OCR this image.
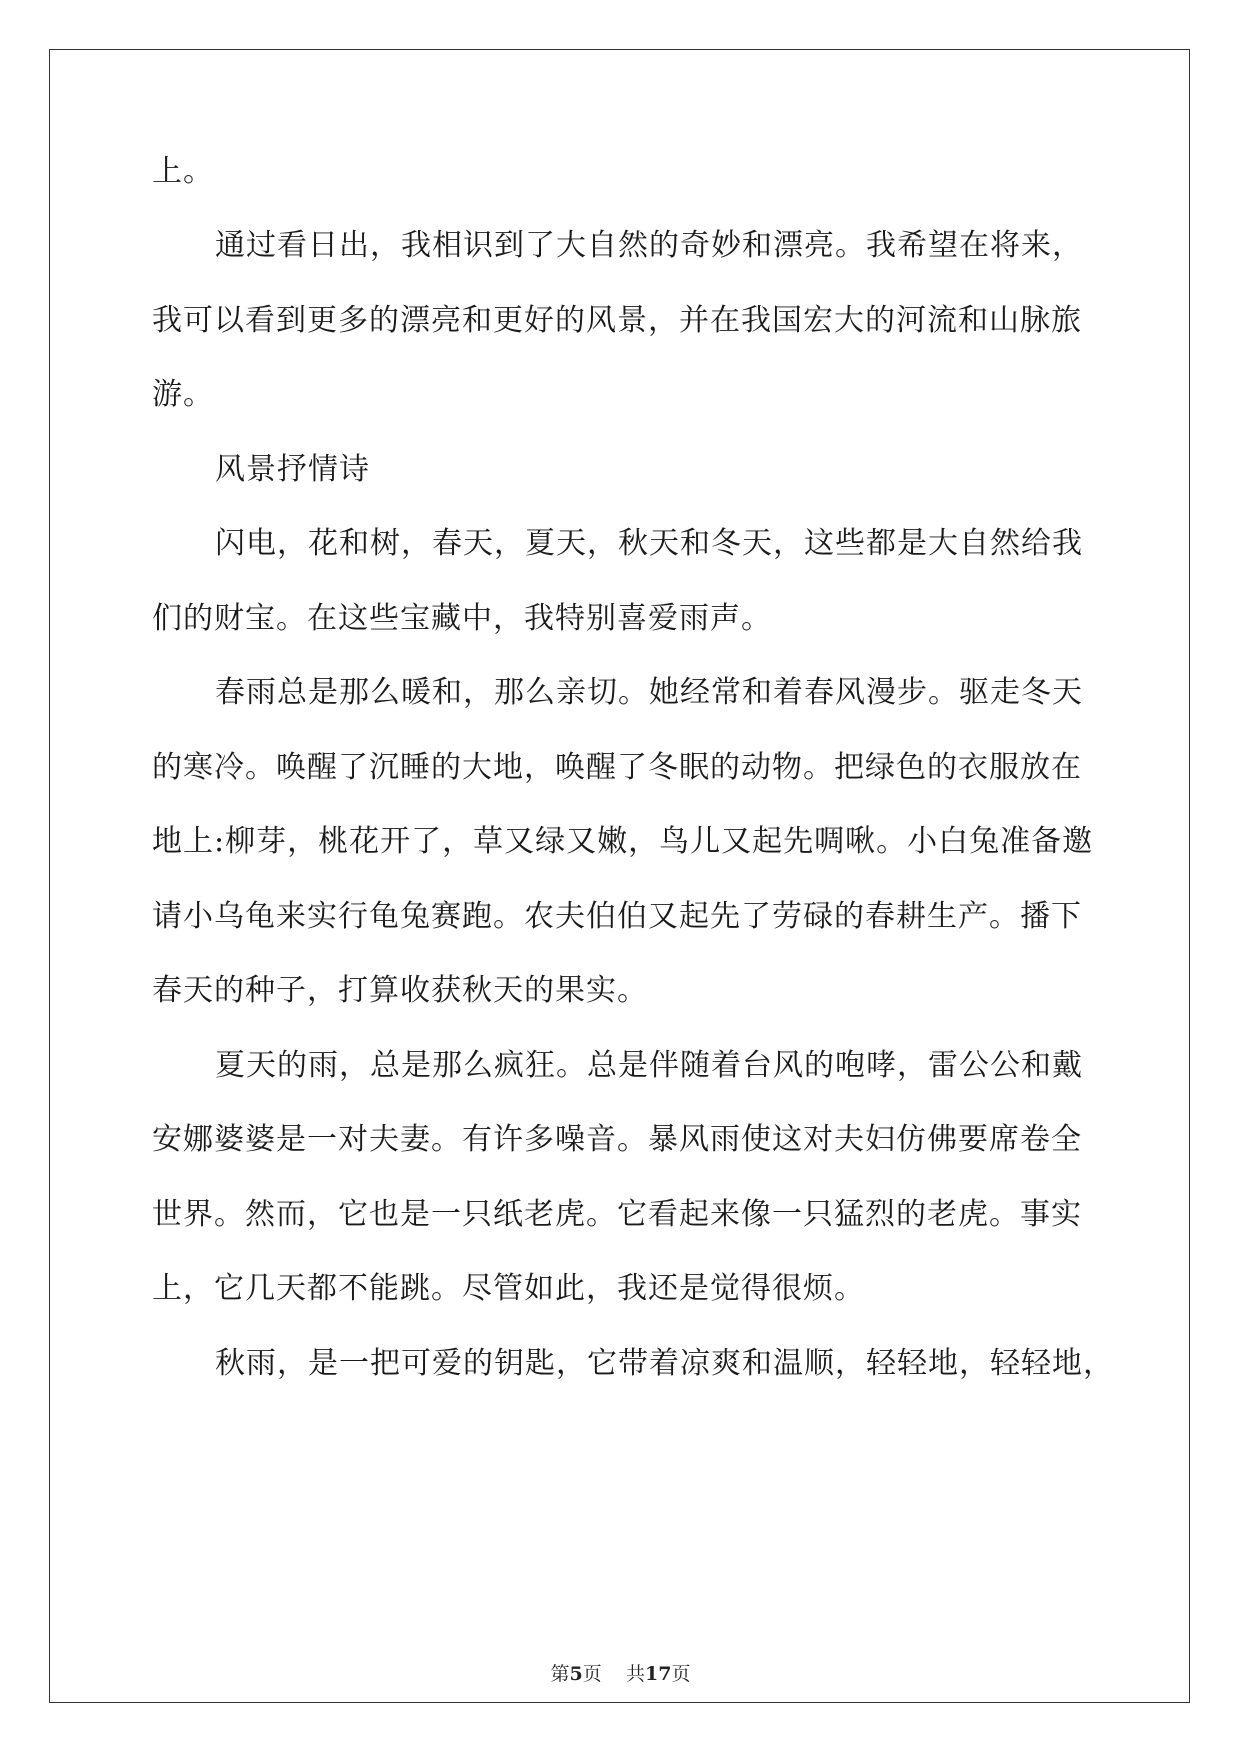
上。
通过看日出，我相识到了大自然的奇妙和漂亮。我希望在将来，
我可以看到更多的漂亮和更好的风景，并在我国宏大的河流和山脉旅
游。
风景抒情诗
闪电，花和树，春天，夏天，秋天和冬天，这些都是大自然给我
们的财宝。在这些宝藏中，我特别喜爱雨声。
春雨总是那么暖和，那么亲切。她经常和着春风漫步。驱走冬天
的寒冷。唤醒了沉睡的大地，唤醒了冬眠的动物。把绿色的衣服放在
地上:柳芽，桃花开了，草又绿又嫩，鸟儿又起先啁啾。小白兔准备邀
请小乌龟来实行龟兔赛跑。农夫伯伯又起先了劳碌的春耕生产。播下
春天的种子，打算收获秋天的果实。
夏天的雨，总是那么疯狂。总是伴随着台风的咆哮，雷公公和戴
安娜婆婆是一对夫妻。有许多噪音。暴风雨使这对夫妇仿佛要席卷全
世界。然而，它也是一只纸老虎。它看起来像一只猛烈的老虎。事实
上，它几天都不能跳。尽管如此，我还是觉得很烦。
秋雨，是一把可爱的钥匙，它带着凉爽和温顺，轻轻地，轻轻地，
第5页 共17页
